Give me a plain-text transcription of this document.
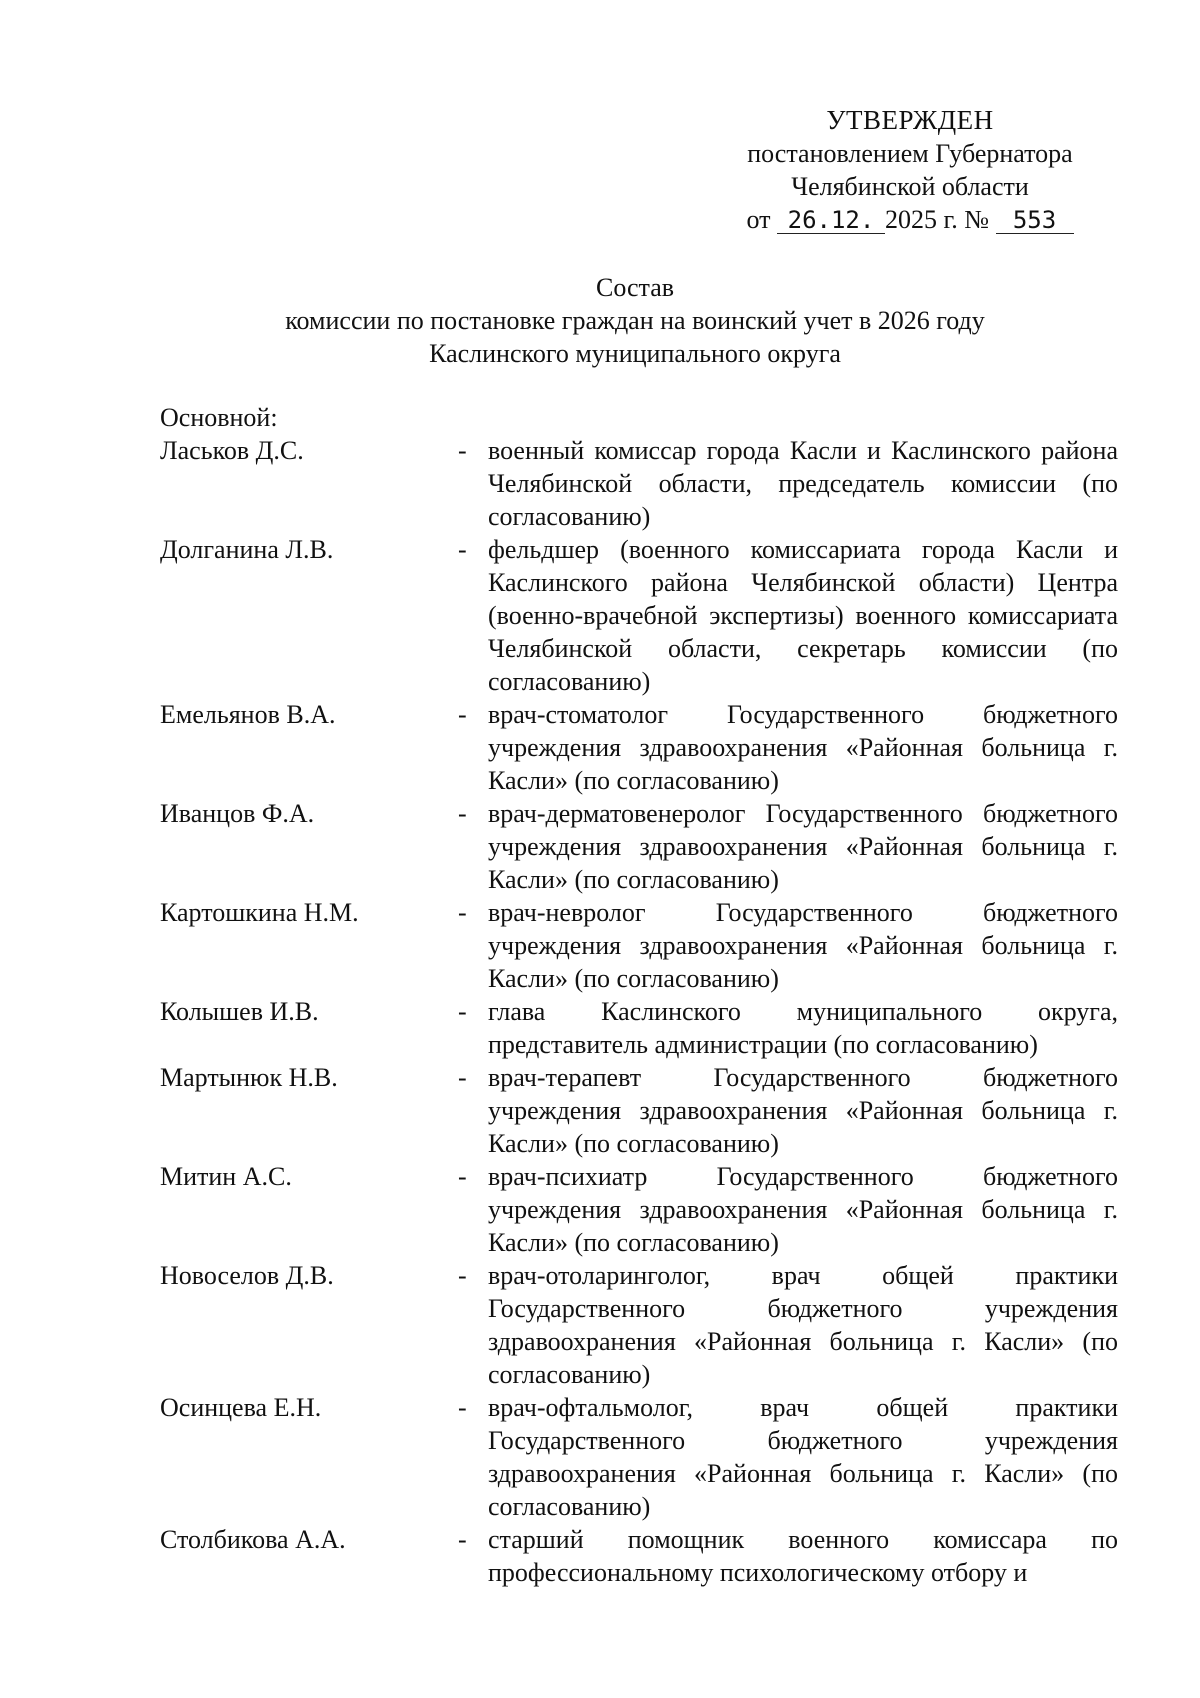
УТВЕРЖДЕН
постановлением Губернатора
Челябинской области
от 26.12. 2025 г. № 553
Состав
комиссии по постановке граждан на воинский учет в 2026 году
Каслинского муниципального округа
Основной:
Ласьков Д.С.	- военный комиссар города Касли и Каслинского района Челябинской области, председатель комиссии (по согласованию)
Долганина Л.В.	- фельдшер (военного комиссариата города Касли и Каслинского района Челябинской области) Центра (военно-врачебной экспертизы) военного комиссариата Челябинской области, секретарь комиссии (по согласованию)
Емельянов В.А.	- врач-стоматолог Государственного бюджетного учреждения здравоохранения «Районная больница г. Касли» (по согласованию)
Иванцов Ф.А.	- врач-дерматовенеролог Государственного бюджетного учреждения здравоохранения «Районная больница г. Касли» (по согласованию)
Картошкина Н.М.	- врач-невролог Государственного бюджетного учреждения здравоохранения «Районная больница г. Касли» (по согласованию)
Колышев И.В.	- глава Каслинского муниципального округа, представитель администрации (по согласованию)
Мартынюк Н.В.	- врач-терапевт Государственного бюджетного учреждения здравоохранения «Районная больница г. Касли» (по согласованию)
Митин А.С.	- врач-психиатр Государственного бюджетного учреждения здравоохранения «Районная больница г. Касли» (по согласованию)
Новоселов Д.В.	- врач-отоларинголог, врач общей практики Государственного бюджетного учреждения здравоохранения «Районная больница г. Касли» (по согласованию)
Осинцева Е.Н.	- врач-офтальмолог, врач общей практики Государственного бюджетного учреждения здравоохранения «Районная больница г. Касли» (по согласованию)
Столбикова А.А.	- старший помощник военного комиссара по профессиональному психологическому отбору и
